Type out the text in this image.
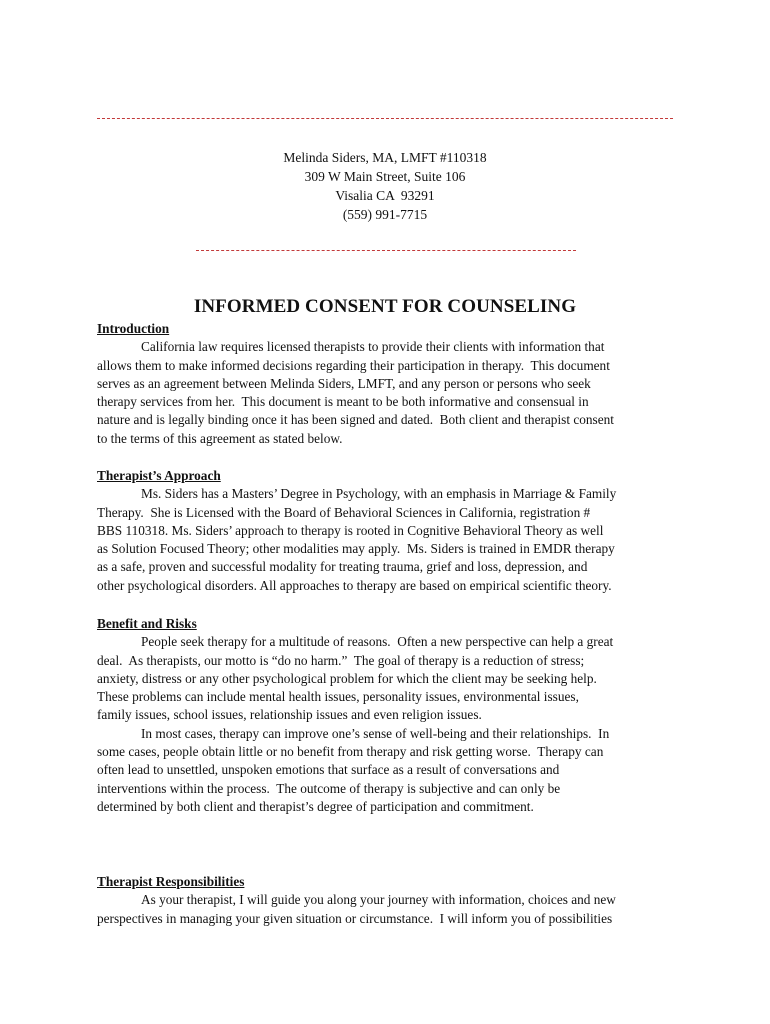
Melinda Siders, MA, LMFT #110318
309 W Main Street, Suite 106
Visalia CA  93291
(559) 991-7715
INFORMED CONSENT FOR COUNSELING
Introduction
California law requires licensed therapists to provide their clients with information that
allows them to make informed decisions regarding their participation in therapy.  This document
serves as an agreement between Melinda Siders, LMFT, and any person or persons who seek
therapy services from her.  This document is meant to be both informative and consensual in
nature and is legally binding once it has been signed and dated.  Both client and therapist consent
to the terms of this agreement as stated below.
Therapist’s Approach
Ms. Siders has a Masters’ Degree in Psychology, with an emphasis in Marriage & Family
Therapy.  She is Licensed with the Board of Behavioral Sciences in California, registration #
BBS 110318. Ms. Siders’ approach to therapy is rooted in Cognitive Behavioral Theory as well
as Solution Focused Theory; other modalities may apply.  Ms. Siders is trained in EMDR therapy
as a safe, proven and successful modality for treating trauma, grief and loss, depression, and
other psychological disorders. All approaches to therapy are based on empirical scientific theory.
Benefit and Risks
People seek therapy for a multitude of reasons.  Often a new perspective can help a great
deal.  As therapists, our motto is “do no harm.”  The goal of therapy is a reduction of stress;
anxiety, distress or any other psychological problem for which the client may be seeking help.
These problems can include mental health issues, personality issues, environmental issues,
family issues, school issues, relationship issues and even religion issues.
In most cases, therapy can improve one’s sense of well-being and their relationships.  In
some cases, people obtain little or no benefit from therapy and risk getting worse.  Therapy can
often lead to unsettled, unspoken emotions that surface as a result of conversations and
interventions within the process.  The outcome of therapy is subjective and can only be
determined by both client and therapist’s degree of participation and commitment.
Therapist Responsibilities
As your therapist, I will guide you along your journey with information, choices and new
perspectives in managing your given situation or circumstance.  I will inform you of possibilities
